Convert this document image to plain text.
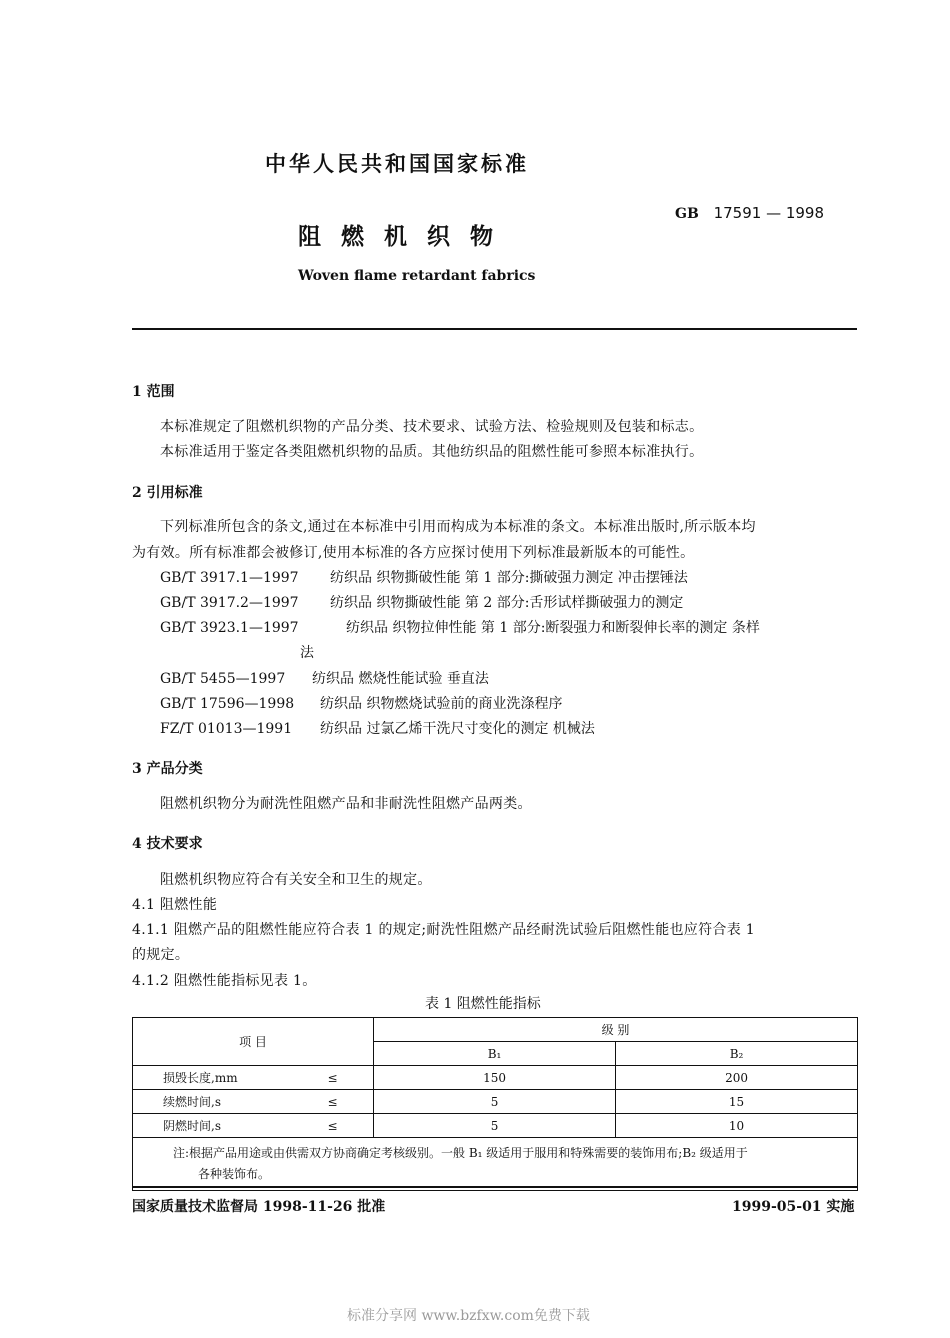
中华人民共和国国家标准
阻 燃 机 织 物
Woven flame retardant fabrics
GB 17591 — 1998
1 范围
本标准规定了阻燃机织物的产品分类、技术要求、试验方法、检验规则及包装和标志。
本标准适用于鉴定各类阻燃机织物的品质。其他纺织品的阻燃性能可参照本标准执行。
2 引用标准
下列标准所包含的条文,通过在本标准中引用而构成为本标准的条文。本标准出版时,所示版本均
为有效。所有标准都会被修订,使用本标准的各方应探讨使用下列标准最新版本的可能性。
GB/T 3917.1—1997 纺织品 织物撕破性能 第 1 部分:撕破强力测定 冲击摆锤法
GB/T 3917.2—1997 纺织品 织物撕破性能 第 2 部分:舌形试样撕破强力的测定
GB/T 3923.1—1997	纺织品 织物拉伸性能 第 1 部分:断裂强力和断裂伸长率的测定 条样
法
GB/T 5455—1997 纺织品 燃烧性能试验 垂直法
GB/T 17596—1998 纺织品 织物燃烧试验前的商业洗涤程序
FZ/T 01013—1991 纺织品 过氯乙烯干洗尺寸变化的测定 机械法
3 产品分类
阻燃机织物分为耐洗性阻燃产品和非耐洗性阻燃产品两类。
4 技术要求
阻燃机织物应符合有关安全和卫生的规定。
4.1 阻燃性能
4.1.1 阻燃产品的阻燃性能应符合表 1 的规定;耐洗性阻燃产品经耐洗试验后阻燃性能也应符合表 1
的规定。
4.1.2 阻燃性能指标见表 1。
表 1 阻燃性能指标
项 目		级 别	
		B₁	B₂
损毁长度,mm	≤	150	200
续燃时间,s	≤	5	15
阴燃时间,s	≤	5	10

注:根据产品用途或由供需双方协商确定考核级别。一般 B₁ 级适用于服用和特殊需要的装饰用布;B₂ 级适用于
各种装饰布。			
国家质量技术监督局 1998-11-26 批准	1999-05-01 实施
标准分享网 www.bzfxw.com免费下载
